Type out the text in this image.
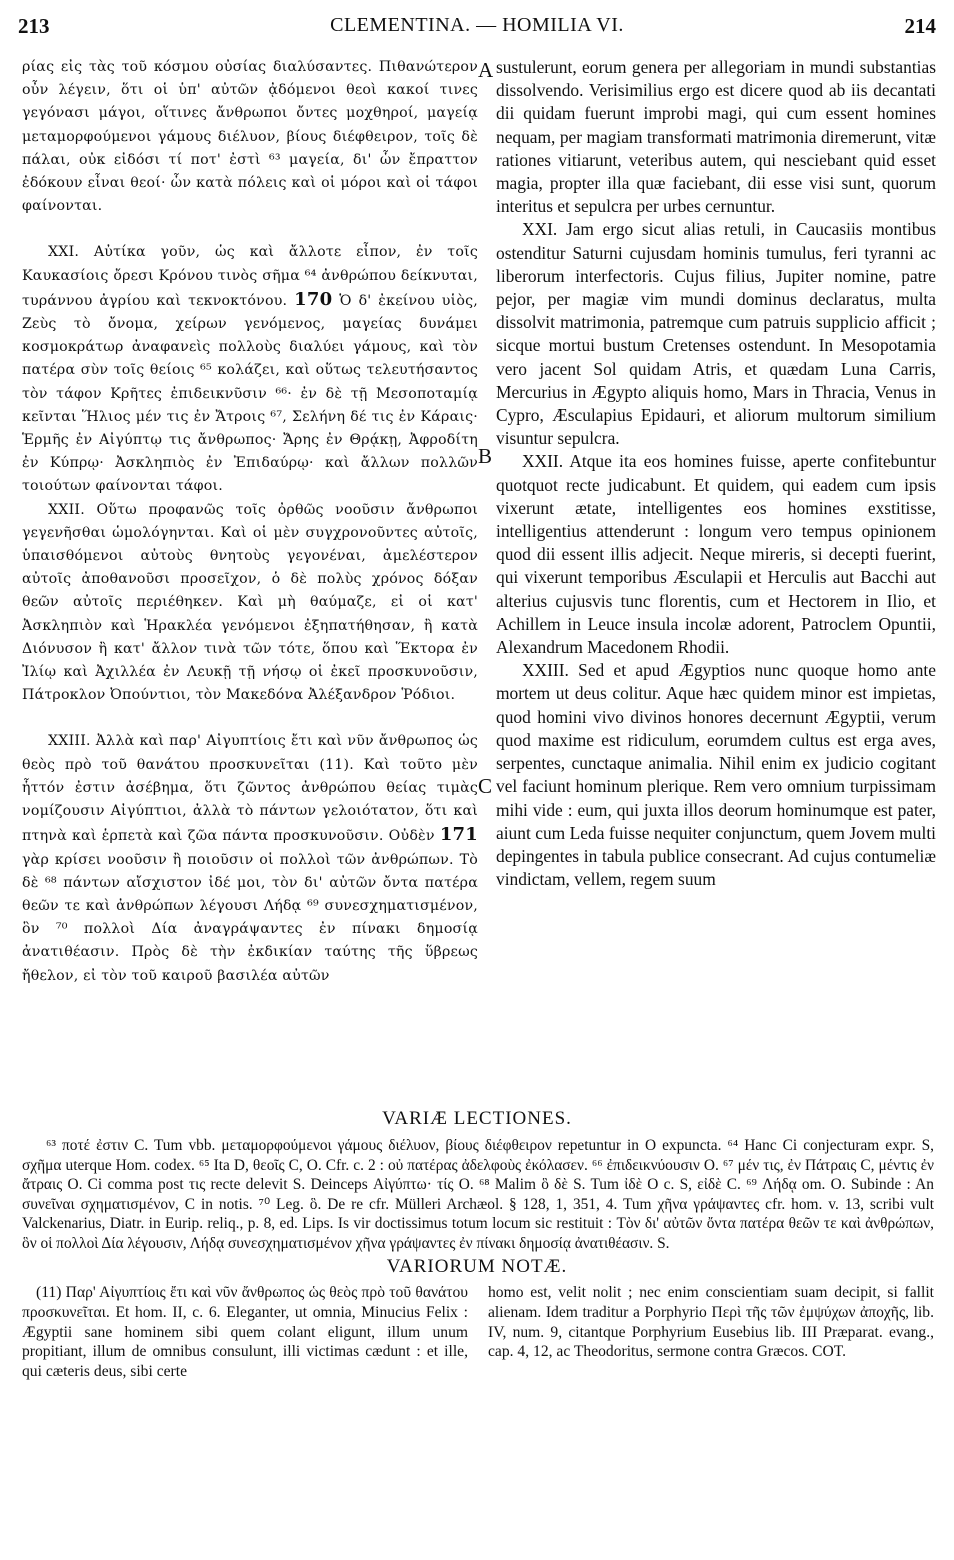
213	CLEMENTINA. — HOMILIA VI.	214

ρίας εἰς τὰς τοῦ κόσμου οὐσίας διαλύσαντες. Πιθανώτερον οὖν λέγειν, ὅτι οἱ ὑπ' αὐτῶν ᾀδόμενοι θεοὶ κακοί τινες γεγόνασι μάγοι, οἵτινες ἄνθρωποι ὄντες μοχθηροί, μαγείᾳ μεταμορφούμενοι γάμους διέλυον, βίους διέφθειρον, τοῖς δὲ πάλαι, οὐκ εἰδόσι τί ποτ' ἐστὶ ⁶³ μαγεία, δι' ὧν ἔπραττον ἐδόκουν εἶναι θεοί· ὧν κατὰ πόλεις καὶ οἱ μόροι καὶ οἱ τάφοι φαίνονται.

XXI. Αὐτίκα γοῦν, ὡς καὶ ἄλλοτε εἶπον, ἐν τοῖς Καυκασίοις ὄρεσι Κρόνου τινὸς σῆμα ⁶⁴ ἀνθρώπου δείκνυται, τυράννου ἀγρίου καὶ τεκνοκτόνου. 170 Ὁ δ' ἐκείνου υἱὸς, Ζεὺς τὸ ὄνομα, χείρων γενόμενος, μαγείας δυνάμει κοσμοκράτωρ ἀναφανεὶς πολλοὺς διαλύει γάμους, καὶ τὸν πατέρα σὺν τοῖς θείοις ⁶⁵ κολάζει, καὶ οὕτως τελευτήσαντος τὸν τάφον Κρῆτες ἐπιδεικνῦσιν ⁶⁶· ἐν δὲ τῇ Μεσοποταμίᾳ κεῖνται Ἥλιος μέν τις ἐν Ἄτροις ⁶⁷, Σελήνη δέ τις ἐν Κάραις· Ἑρμῆς ἐν Αἰγύπτῳ τις ἄνθρωπος· Ἄρης ἐν Θρᾴκῃ, Ἀφροδίτη ἐν Κύπρῳ· Ἀσκληπιὸς ἐν Ἐπιδαύρῳ· καὶ ἄλλων πολλῶν τοιούτων φαίνονται τάφοι.

XXII. Οὕτω προφανῶς τοῖς ὀρθῶς νοοῦσιν ἄνθρωποι γεγενῆσθαι ὡμολόγηνται. Καὶ οἱ μὲν συγχρονοῦντες αὐτοῖς, ὑπαισθόμενοι αὐτοὺς θνητοὺς γεγονέναι, ἀμελέστερον αὐτοῖς ἀποθανοῦσι προσεῖχον, ὁ δὲ πολὺς χρόνος δόξαν θεῶν αὐτοῖς περιέθηκεν. Καὶ μὴ θαύμαζε, εἰ οἱ κατ' Ἀσκληπιὸν καὶ Ἡρακλέα γενόμενοι ἐξηπατήθησαν, ἢ κατὰ Διόνυσον ἢ κατ' ἄλλον τινὰ τῶν τότε, ὅπου καὶ Ἕκτορα ἐν Ἰλίῳ καὶ Ἀχιλλέα ἐν Λευκῇ τῇ νήσῳ οἱ ἐκεῖ προσκυνοῦσιν, Πάτροκλον Ὀπούντιοι, τὸν Μακεδόνα Ἀλέξανδρον Ῥόδιοι.

XXIII. Ἀλλὰ καὶ παρ' Αἰγυπτίοις ἔτι καὶ νῦν ἄνθρωπος ὡς θεὸς πρὸ τοῦ θανάτου προσκυνεῖται (11). Καὶ τοῦτο μὲν ἧττόν ἐστιν ἀσέβημα, ὅτι ζῶντος ἀνθρώπου θείας τιμὰς νομίζουσιν Αἰγύπτιοι, ἀλλὰ τὸ πάντων γελοιότατον, ὅτι καὶ πτηνὰ καὶ ἑρπετὰ καὶ ζῶα πάντα προσκυνοῦσιν. Οὐδὲν 171 γὰρ κρίσει νοοῦσιν ἢ ποιοῦσιν οἱ πολλοὶ τῶν ἀνθρώπων. Τὸ δὲ ⁶⁸ πάντων αἴσχιστον ἰδέ μοι, τὸν δι' αὐτῶν ὄντα πατέρα θεῶν τε καὶ ἀνθρώπων λέγουσι Λήδᾳ ⁶⁹ συνεσχηματισμένον, ὃν ⁷⁰ πολλοὶ Δία ἀναγράψαντες ἐν πίνακι δημοσίᾳ ἀνατιθέασιν. Πρὸς δὲ τὴν ἐκδικίαν ταύτης τῆς ὕβρεως ἤθελον, εἰ τὸν τοῦ καιροῦ βασιλέα αὐτῶν

A
B
C

sustulerunt, eorum genera per allegoriam in mundi substantias dissolvendo. Verisimilius ergo est dicere quod ab iis decantati dii quidam fuerunt improbi magi, qui cum essent homines nequam, per magiam transformati matrimonia diremerunt, vitæ rationes vitiarunt, veteribus autem, qui nesciebant quid esset magia, propter illa quæ faciebant, dii esse visi sunt, quorum interitus et sepulcra per urbes cernuntur.

XXI. Jam ergo sicut alias retuli, in Caucasiis montibus ostenditur Saturni cujusdam hominis tumulus, feri tyranni ac liberorum interfectoris. Cujus filius, Jupiter nomine, patre pejor, per magiæ vim mundi dominus declaratus, multa dissolvit matrimonia, patremque cum patruis supplicio afficit ; sicque mortui bustum Cretenses ostendunt. In Mesopotamia vero jacent Sol quidam Atris, et quædam Luna Carris, Mercurius in Ægypto aliquis homo, Mars in Thracia, Venus in Cypro, Æsculapius Epidauri, et aliorum multorum similium visuntur sepulcra.

XXII. Atque ita eos homines fuisse, aperte confitebuntur quotquot recte judicabunt. Et quidem, qui eadem cum ipsis vixerunt ætate, intelligentes eos homines exstitisse, intelligentius attenderunt : longum vero tempus opinionem quod dii essent illis adjecit. Neque mireris, si decepti fuerint, qui vixerunt temporibus Æsculapii et Herculis aut Bacchi aut alterius cujusvis tunc florentis, cum et Hectorem in Ilio, et Achillem in Leuce insula incolæ adorent, Patroclem Opuntii, Alexandrum Macedonem Rhodii.

XXIII. Sed et apud Ægyptios nunc quoque homo ante mortem ut deus colitur. Aque hæc quidem minor est impietas, quod homini vivo divinos honores decernunt Ægyptii, verum quod maxime est ridiculum, eorumdem cultus est erga aves, serpentes, cunctaque animalia. Nihil enim ex judicio cogitant vel faciunt hominum plerique. Rem vero omnium turpissimam mihi vide : eum, qui juxta illos deorum hominumque est pater, aiunt cum Leda fuisse nequiter conjunctum, quem Jovem multi depingentes in tabula publice consecrant. Ad cujus contumeliæ vindictam, vellem, regem suum

VARIÆ LECTIONES.

⁶³ ποτέ ἐστιν C. Tum vbb. μεταμορφούμενοι γάμους διέλυον, βίους διέφθειρον repetuntur in O expuncta. ⁶⁴ Hanc Ci conjecturam expr. S, σχῆμα uterque Hom. codex. ⁶⁵ Ita D, θεοῖς C, O. Cfr. c. 2 : οὐ πατέρας ἀδελφοὺς ἐκόλασεν. ⁶⁶ ἐπιδεικνύουσιν O. ⁶⁷ μέν τις, ἐν Πάτραις C, μέντις ἐν ἄτραις O. Ci comma post τις recte delevit S. Deinceps Αἰγύπτω· τίς O. ⁶⁸ Malim ὃ δὲ S. Tum ἰδὲ O c. S, εἰδὲ C. ⁶⁹ Λήδᾳ om. O. Subinde : An συνεῖναι σχηματισμένον, C in notis. ⁷⁰ Leg. ὃ. De re cfr. Mülleri Archæol. § 128, 1, 351, 4. Tum χῆνα γράψαντες cfr. hom. v. 13, scribi vult Valckenarius, Diatr. in Eurip. reliq., p. 8, ed. Lips. Is vir doctissimus totum locum sic restituit : Τὸν δι' αὐτῶν ὄντα πατέρα θεῶν τε καὶ ἀνθρώπων, ὃν οἱ πολλοὶ Δία λέγουσιν, Λήδᾳ συνεσχηματισμένον χῆνα γράψαντες ἐν πίνακι δημοσίᾳ ἀνατιθέασιν. S.

VARIORUM NOTÆ.

(11) Παρ' Αἰγυπτίοις ἔτι καὶ νῦν ἄνθρωπος ὡς θεὸς πρὸ τοῦ θανάτου προσκυνεῖται. Et hom. II, c. 6. Eleganter, ut omnia, Minucius Felix : Ægyptii sane hominem sibi quem colant eligunt, illum unum propitiant, illum de omnibus consulunt, illi victimas cædunt : et ille, qui cæteris deus, sibi certe

homo est, velit nolit ; nec enim conscientiam suam decipit, si fallit alienam. Idem traditur a Porphyrio Περὶ τῆς τῶν ἐμψύχων ἀποχῆς, lib. IV, num. 9, citantque Porphyrium Eusebius lib. III Præparat. evang., cap. 4, 12, ac Theodoritus, sermone contra Græcos. COT.
